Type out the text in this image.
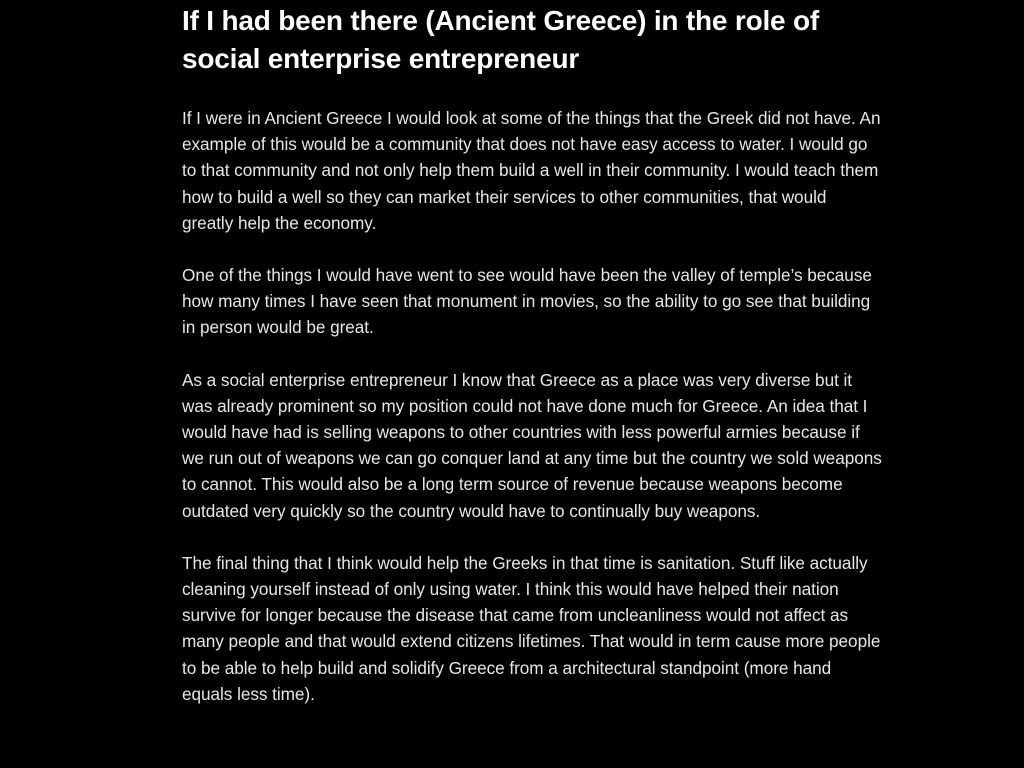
If I had been there (Ancient Greece) in the role of social enterprise entrepreneur

If I were in Ancient Greece I would look at some of the things that the Greek did not have. An example of this would be a community that does not have easy access to water. I would go to that community and not only help them build a well in their community. I would teach them how to build a well so they can market their services to other communities, that would greatly help the economy.

One of the things I would have went to see would have been the valley of temple’s because how many times I have seen that monument in movies, so the ability to go see that building in person would be great.

As a social enterprise entrepreneur I know that Greece as a place was very diverse but it was already prominent so my position could not have done much for Greece. An idea that I would have had is selling weapons to other countries with less powerful armies because if we run out of weapons we can go conquer land at any time but the country we sold weapons to cannot. This would also be a long term source of revenue because weapons become outdated very quickly so the country would have to continually buy weapons.

The final thing that I think would help the Greeks in that time is sanitation. Stuff like actually cleaning yourself instead of only using water. I think this would have helped their nation survive for longer because the disease that came from uncleanliness would not affect as many people and that would extend citizens lifetimes. That would in term cause more people to be able to help build and solidify Greece from a architectural standpoint (more hand equals less time).
